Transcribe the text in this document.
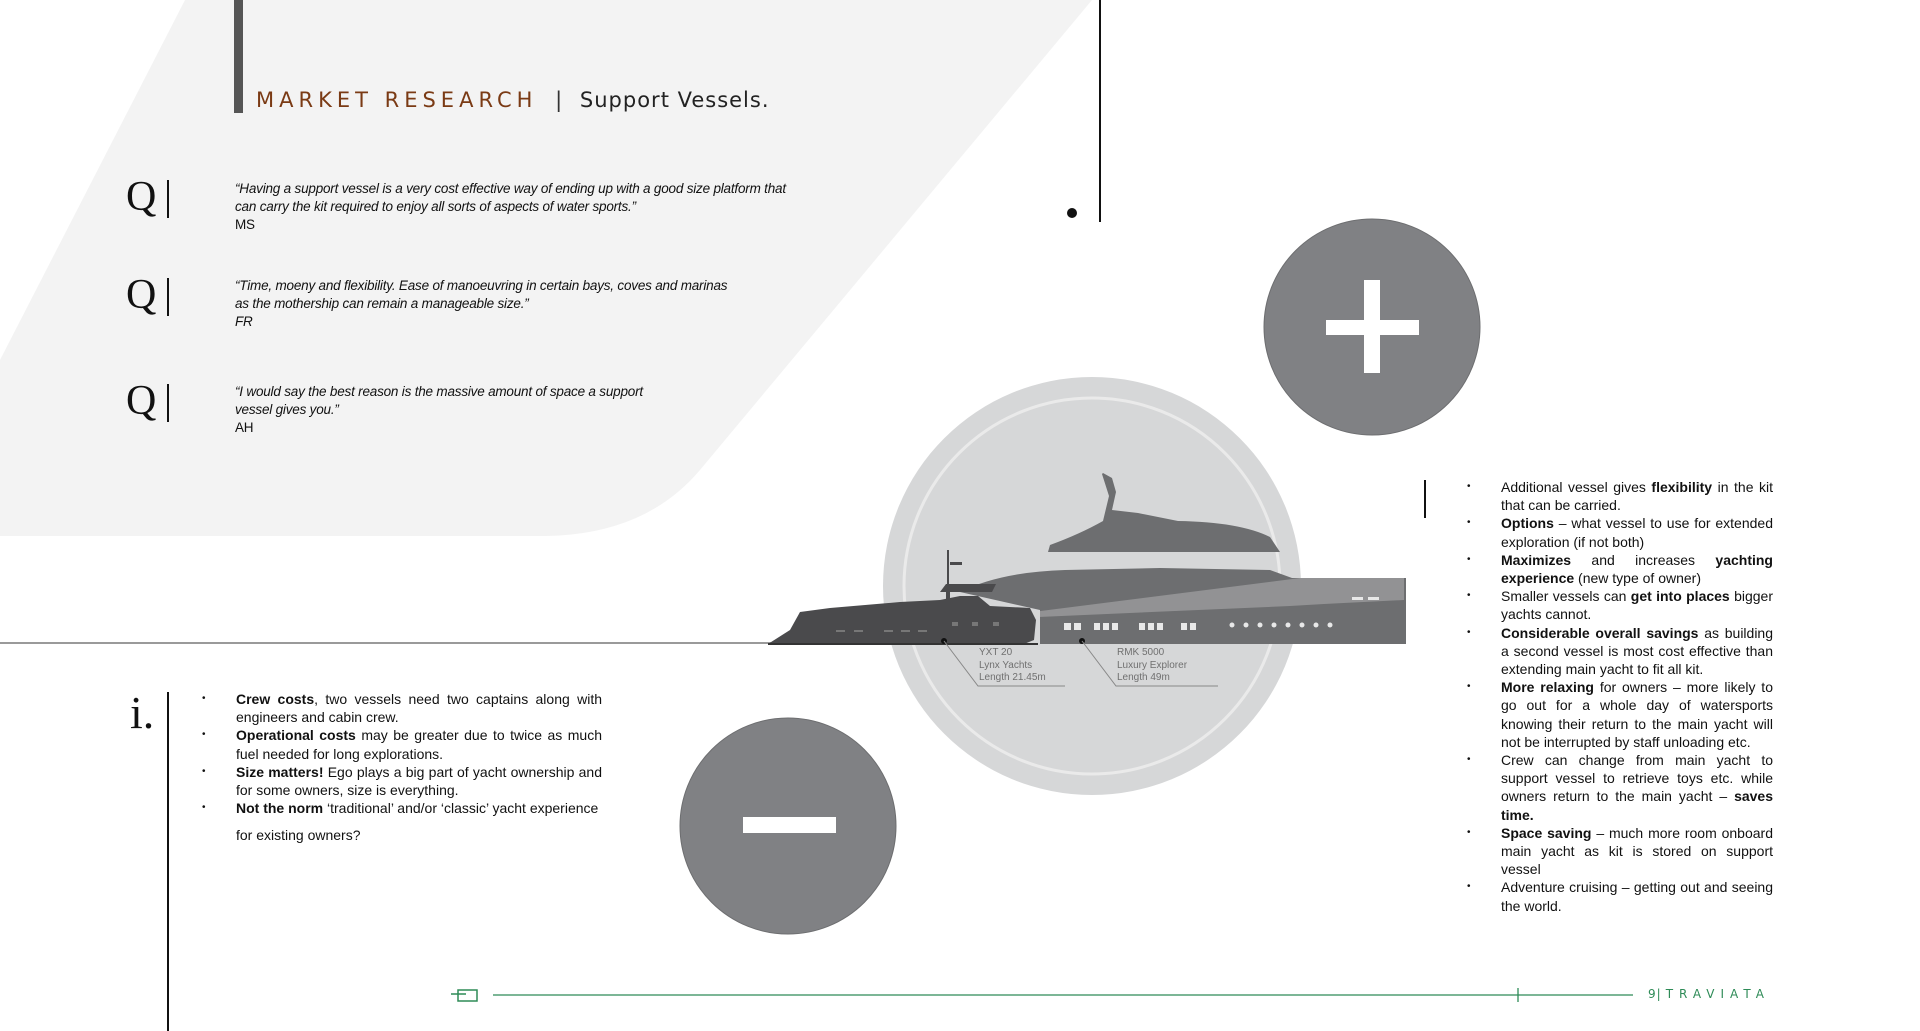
MARKET RESEARCH | Support Vessels.
Q	“Having a support vessel is a very cost effective way of ending up with a good size platform that
can carry the kit required to enjoy all sorts of aspects of water sports.”
MS
Q	“Time, moeny and flexibility. Ease of manoeuvring in certain bays, coves and marinas
as the mothership can remain a manageable size.”
FR
Q	“I would say the best reason is the massive amount of space a support
vessel gives you.”
AH
i.	• Crew costs, two vessels need two captains along with engineers and cabin crew.
• Operational costs may be greater due to twice as much fuel needed for long explorations.
• Size matters! Ego plays a big part of yacht ownership and for some owners, size is everything.
• Not the norm ‘traditional’ and/or ‘classic’ yacht experience
for existing owners?
YXT 20
Lynx Yachts
Length 21.45m
RMK 5000
Luxury Explorer
Length 49m
• Additional vessel gives flexibility in the kit that can be carried.
• Options – what vessel to use for extended exploration (if not both)
• Maximizes and increases yachting experience (new type of owner)
• Smaller vessels can get into places bigger yachts cannot.
• Considerable overall savings as building a second vessel is most cost effective than extending main yacht to fit all kit.
• More relaxing for owners – more likely to go out for a whole day of watersports knowing their return to the main yacht will not be interrupted by staff unloading etc.
• Crew can change from main yacht to support vessel to retrieve toys etc. while owners return to the main yacht – saves time.
• Space saving – much more room onboard main yacht as kit is stored on support vessel
• Adventure cruising – getting out and seeing the world.
9| TRAVIATA
